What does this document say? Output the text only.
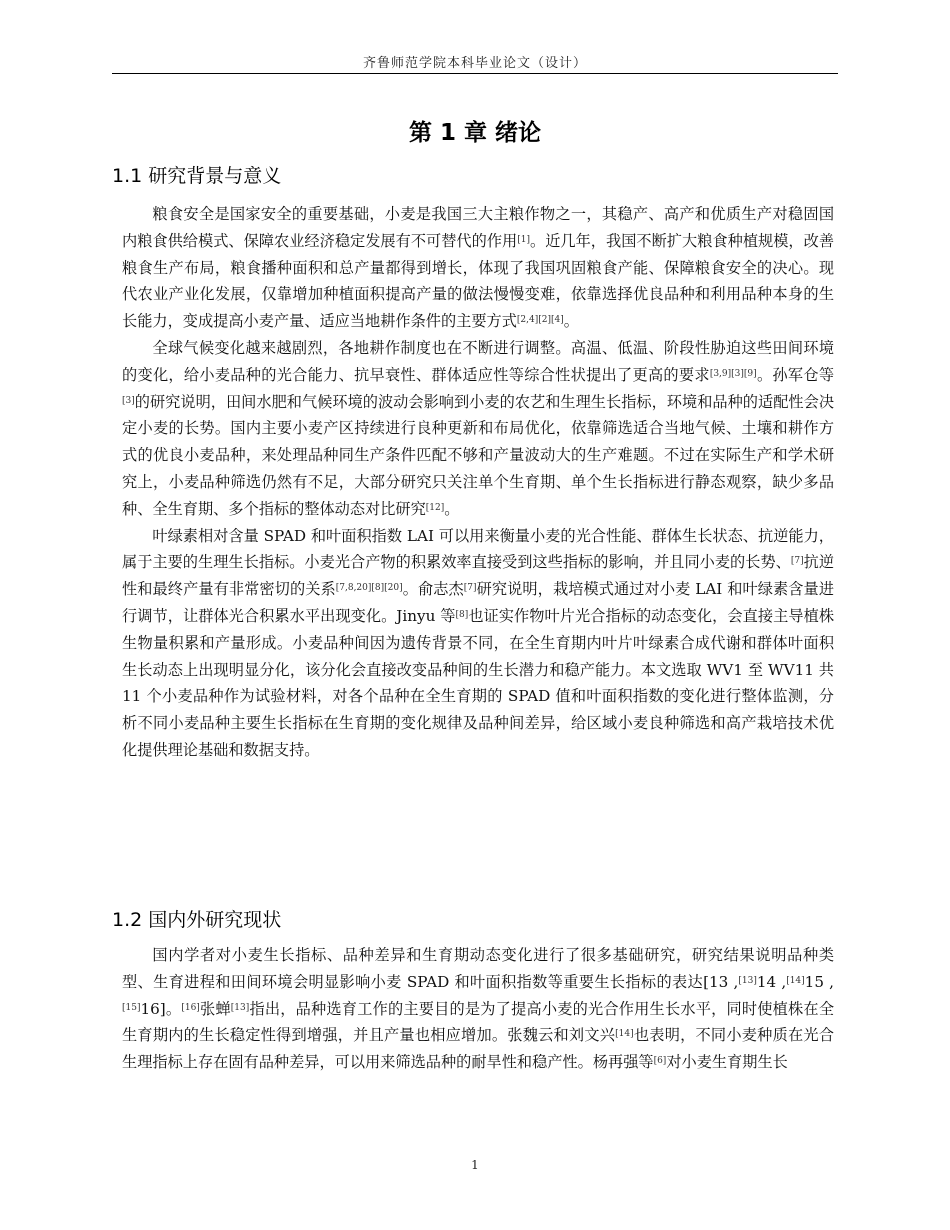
齐鲁师范学院本科毕业论文（设计）
第 1 章 绪论
1.1 研究背景与意义

粮食安全是国家安全的重要基础，小麦是我国三大主粮作物之一，其稳产、高产和优质生产对稳固国内粮食供给模式、保障农业经济稳定发展有不可替代的作用[1]。近几年，我国不断扩大粮食种植规模，改善粮食生产布局，粮食播种面积和总产量都得到增长，体现了我国巩固粮食产能、保障粮食安全的决心。现代农业产业化发展，仅靠增加种植面积提高产量的做法慢慢变难，依靠选择优良品种和利用品种本身的生长能力，变成提高小麦产量、适应当地耕作条件的主要方式[2,4][2][4]。

全球气候变化越来越剧烈，各地耕作制度也在不断进行调整。高温、低温、阶段性胁迫这些田间环境的变化，给小麦品种的光合能力、抗早衰性、群体适应性等综合性状提出了更高的要求[3,9][3][9]。孙军仓等[3]的研究说明，田间水肥和气候环境的波动会影响到小麦的农艺和生理生长指标，环境和品种的适配性会决定小麦的长势。国内主要小麦产区持续进行良种更新和布局优化，依靠筛选适合当地气候、土壤和耕作方式的优良小麦品种，来处理品种同生产条件匹配不够和产量波动大的生产难题。不过在实际生产和学术研究上，小麦品种筛选仍然有不足，大部分研究只关注单个生育期、单个生长指标进行静态观察，缺少多品种、全生育期、多个指标的整体动态对比研究[12]。

叶绿素相对含量 SPAD 和叶面积指数 LAI 可以用来衡量小麦的光合性能、群体生长状态、抗逆能力，属于主要的生理生长指标。小麦光合产物的积累效率直接受到这些指标的影响，并且同小麦的长势、[7]抗逆性和最终产量有非常密切的关系[7,8,20][8][20]。俞志杰[7]研究说明，栽培模式通过对小麦 LAI 和叶绿素含量进行调节，让群体光合积累水平出现变化。Jinyu 等[8]也证实作物叶片光合指标的动态变化，会直接主导植株生物量积累和产量形成。小麦品种间因为遗传背景不同，在全生育期内叶片叶绿素合成代谢和群体叶面积生长动态上出现明显分化，该分化会直接改变品种间的生长潜力和稳产能力。本文选取 WV1 至 WV11 共 11 个小麦品种作为试验材料，对各个品种在全生育期的 SPAD 值和叶面积指数的变化进行整体监测，分析不同小麦品种主要生长指标在生育期的变化规律及品种间差异，给区域小麦良种筛选和高产栽培技术优化提供理论基础和数据支持。

1.2 国内外研究现状

国内学者对小麦生长指标、品种差异和生育期动态变化进行了很多基础研究，研究结果说明品种类型、生育进程和田间环境会明显影响小麦 SPAD 和叶面积指数等重要生长指标的表达[13 ,[13]14 ,[14]15 ,[15]16]。[16]张蝉[13]指出，品种选育工作的主要目的是为了提高小麦的光合作用生长水平，同时使植株在全生育期内的生长稳定性得到增强，并且产量也相应增加。张魏云和刘文兴[14]也表明，不同小麦种质在光合生理指标上存在固有品种差异，可以用来筛选品种的耐旱性和稳产性。杨再强等[6]对小麦生育期生长

1
